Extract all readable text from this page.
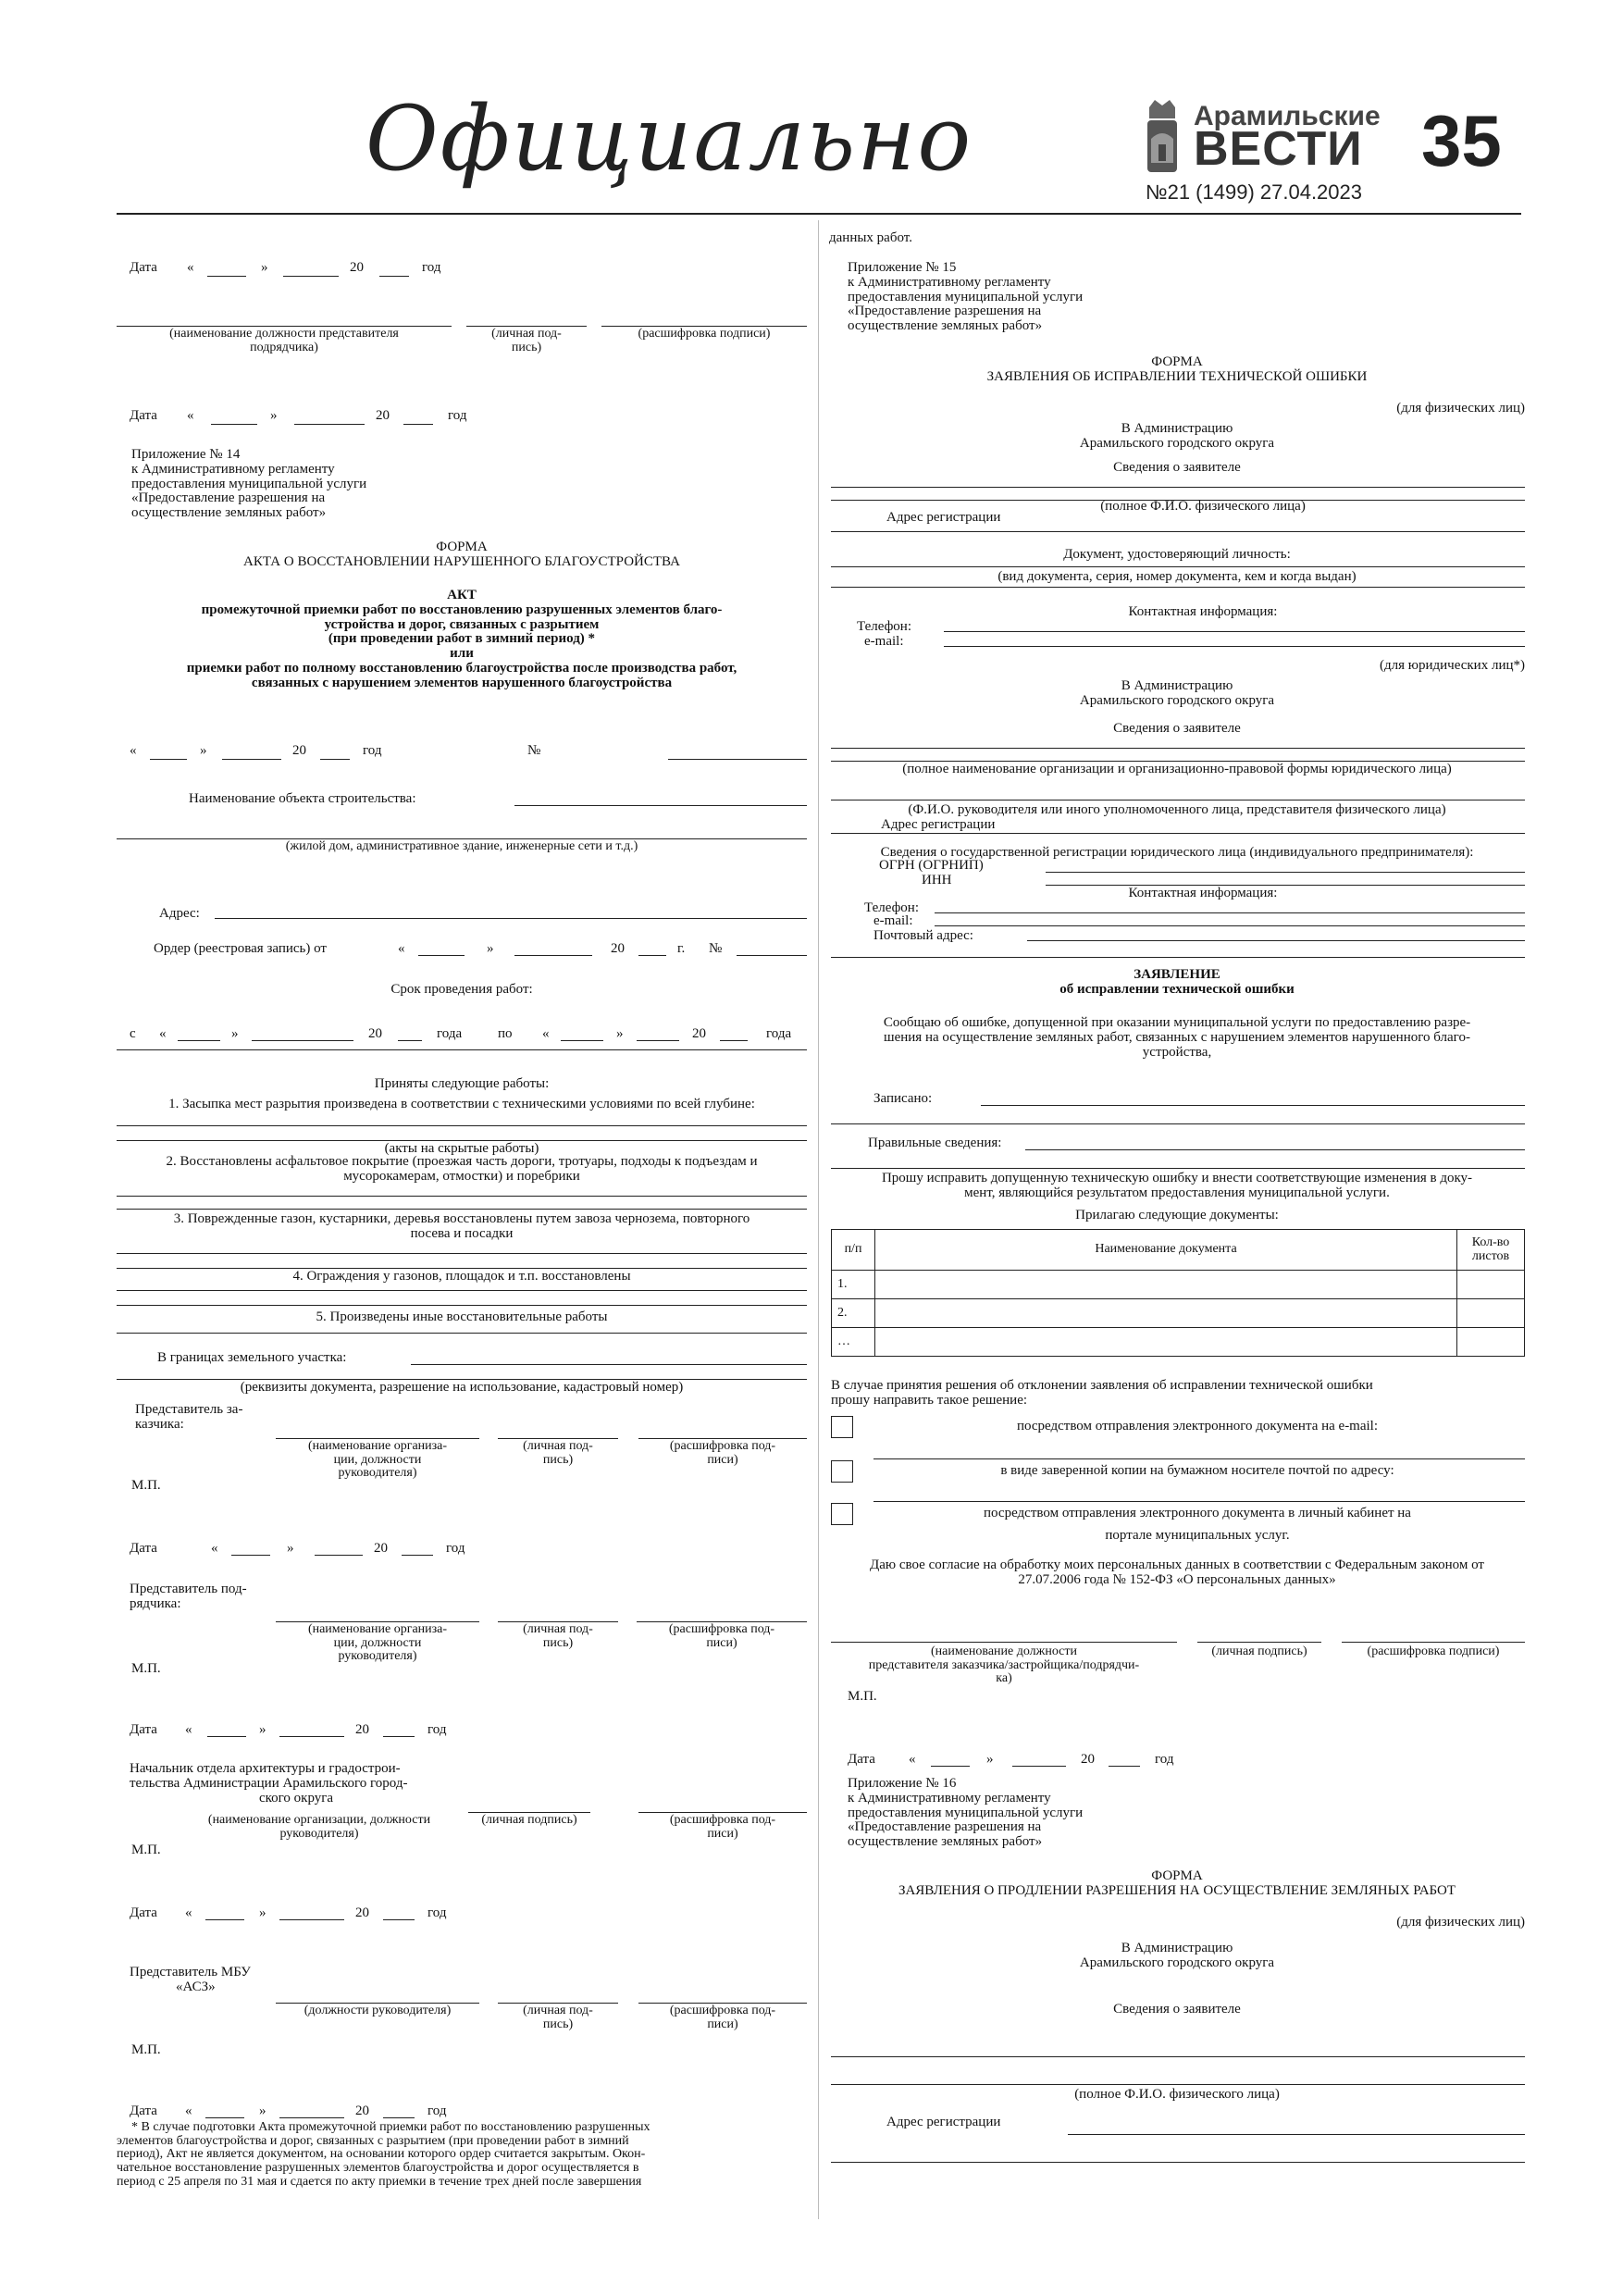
Официально	Арамильские
ВЕСТИ
№21 (1499) 27.04.2023
35
Дата «	»	20	год
(наименование должности представителя
подрядчика)
(личная под-
пись)
(расшифровка подписи)
Дата «	»	20	год
Приложение № 14
к Административному регламенту
предоставления муниципальной услуги
«Предоставление разрешения на
осуществление земляных работ»
ФОРМА
АКТА О ВОССТАНОВЛЕНИИ НАРУШЕННОГО БЛАГОУСТРОЙСТВА
АКТ
промежуточной приемки работ по восстановлению разрушенных элементов благо-
устройства и дорог, связанных с разрытием
(при проведении работ в зимний период) *
или
приемки работ по полному восстановлению благоустройства после производства работ,
связанных с нарушением элементов нарушенного благоустройства
«	»	20	год	№
Наименование объекта строительства:
(жилой дом, административное здание, инженерные сети и т.д.)
Адрес:
Ордер (реестровая запись) от	«	»	20	г. №
Срок проведения работ:
с «	»	20	года	по «	»	20	года
Приняты следующие работы:
1. Засыпка мест разрытия произведена в соответствии с техническими условиями по всей глубине:
(акты на скрытые работы)
2. Восстановлены асфальтовое покрытие (проезжая часть дороги, тротуары, подходы к подъездам и
мусорокамерам, отмостки) и поребрики
3. Поврежденные газон, кустарники, деревья восстановлены путем завоза чернозема, повторного
посева и посадки
4. Ограждения у газонов, площадок и т.п. восстановлены
5. Произведены иные восстановительные работы
В границах земельного участка:
(реквизиты документа, разрешение на использование, кадастровый номер)
Представитель за-
казчика:
(наименование организа-
ции, должности
руководителя)
(личная под-
пись)
(расшифровка под-
писи)
М.П.
Дата	«	»	20	год
Представитель под-
рядчика:
(наименование организа-
ции, должности
руководителя)
(личная под-
пись)
(расшифровка под-
писи)
М.П.
Дата «	»	20	год
Начальник отдела архитектуры и градострои-
тельства Администрации Арамильского город-
ского округа
(наименование организации, должности
руководителя)
(личная подпись)	(расшифровка под-
писи)
М.П.
Дата «	»	20	год
Представитель МБУ
«АСЗ»
(должности руководителя)	(личная под-
пись)
(расшифровка под-
писи)
М.П.
Дата «	»	20	год
* В случае подготовки Акта промежуточной приемки работ по восстановлению разрушенных
элементов благоустройства и дорог, связанных с разрытием (при проведении работ в зимний
период), Акт не является документом, на основании которого ордер считается закрытым. Окон-
чательное восстановление разрушенных элементов благоустройства и дорог осуществляется в
период с 25 апреля по 31 мая и сдается по акту приемки в течение трех дней после завершения
данных работ.
Приложение № 15
к Административному регламенту
предоставления муниципальной услуги
«Предоставление разрешения на
осуществление земляных работ»
ФОРМА
ЗАЯВЛЕНИЯ ОБ ИСПРАВЛЕНИИ ТЕХНИЧЕСКОЙ ОШИБКИ
(для физических лиц)
В Администрацию
Арамильского городского округа
Сведения о заявителе
(полное Ф.И.О. физического лица)
Адрес регистрации
Документ, удостоверяющий личность:
(вид документа, серия, номер документа, кем и когда выдан)
Контактная информация:
Телефон:
e-mail:
(для юридических лиц*)
В Администрацию
Арамильского городского округа
Сведения о заявителе
(полное наименование организации и организационно-правовой формы юридического лица)
(Ф.И.О. руководителя или иного уполномоченного лица, представителя физического лица)
Адрес регистрации
Сведения о государственной регистрации юридического лица (индивидуального предпринимателя):
ОГРН (ОГРНИП)
ИНН
Контактная информация:
Телефон:
e-mail:
Почтовый адрес:
ЗАЯВЛЕНИЕ
об исправлении технической ошибки
Сообщаю об ошибке, допущенной при оказании муниципальной услуги по предоставлению разре-
шения на осуществление земляных работ, связанных с нарушением элементов нарушенного благо-
устройства,
Записано:
Правильные сведения:
Прошу исправить допущенную техническую ошибку и внести соответствующие изменения в доку-
мент, являющийся результатом предоставления муниципальной услуги.
Прилагаю следующие документы:
п/п	Наименование документа	Кол-во
листов

1.		
2.		
…		
В случае принятия решения об отклонении заявления об исправлении технической ошибки
прошу направить такое решение:
посредством отправления электронного документа на e-mail:
в виде заверенной копии на бумажном носителе почтой по адресу:
посредством отправления электронного документа в личный кабинет на
портале муниципальных услуг.
Даю свое согласие на обработку моих персональных данных в соответствии с Федеральным законом от
27.07.2006 года № 152-ФЗ «О персональных данных»
(наименование должности
представителя заказчика/застройщика/подрядчи-
ка)
(личная подпись)	(расшифровка подписи)
М.П.
Дата «	»	20	год
Приложение № 16
к Административному регламенту
предоставления муниципальной услуги
«Предоставление разрешения на
осуществление земляных работ»
ФОРМА
ЗАЯВЛЕНИЯ О ПРОДЛЕНИИ РАЗРЕШЕНИЯ НА ОСУЩЕСТВЛЕНИЕ ЗЕМЛЯНЫХ РАБОТ
(для физических лиц)
В Администрацию
Арамильского городского округа
Сведения о заявителе
(полное Ф.И.О. физического лица)
Адрес регистрации
